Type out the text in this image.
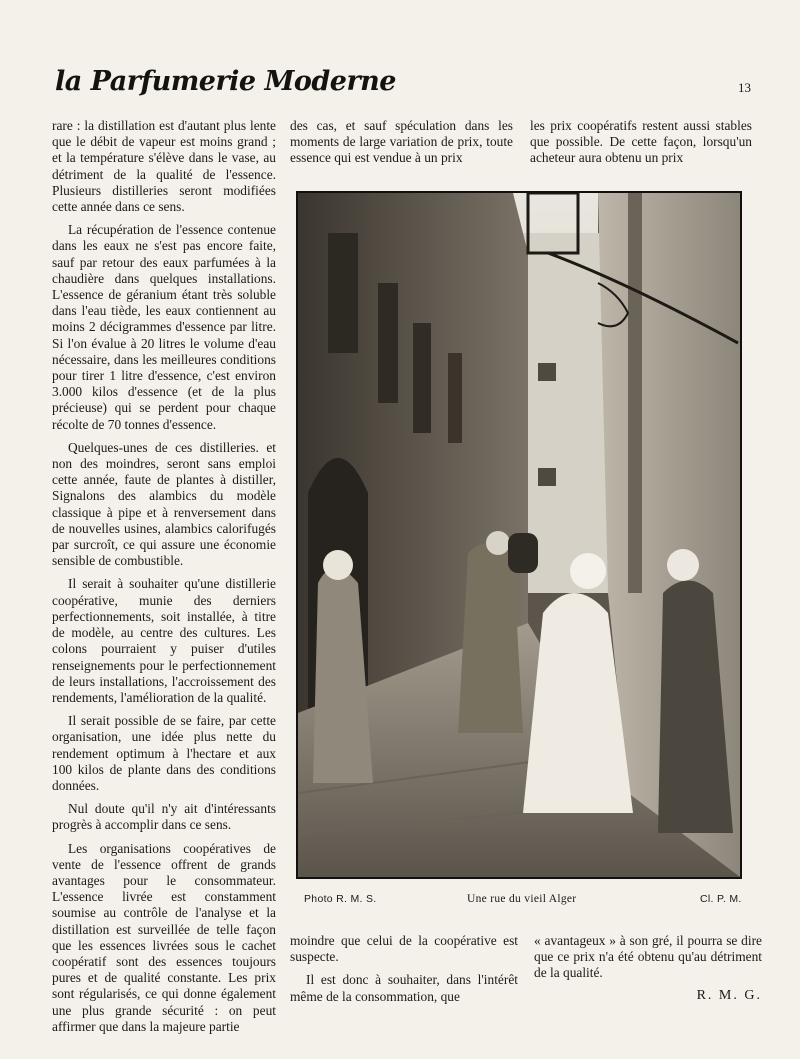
la Parfumerie Moderne	13

rare : la distillation est d'autant plus lente que le débit de vapeur est moins grand ; et la température s'élève dans le vase, au détriment de la qualité de l'essence. Plusieurs distilleries seront modifiées cette année dans ce sens.

La récupération de l'essence contenue dans les eaux ne s'est pas encore faite, sauf par retour des eaux parfumées à la chaudière dans quelques installations. L'essence de géranium étant très soluble dans l'eau tiède, les eaux contiennent au moins 2 décigrammes d'essence par litre. Si l'on évalue à 20 litres le volume d'eau nécessaire, dans les meilleures conditions pour tirer 1 litre d'essence, c'est environ 3.000 kilos d'essence (et de la plus précieuse) qui se perdent pour chaque récolte de 70 tonnes d'essence.

Quelques-unes de ces distilleries. et non des moindres, seront sans emploi cette année, faute de plantes à distiller, Signalons des alambics du modèle classique à pipe et à renversement dans de nouvelles usines, alambics calorifugés par surcroît, ce qui assure une économie sensible de combustible.

Il serait à souhaiter qu'une distillerie coopérative, munie des derniers perfectionnements, soit installée, à titre de modèle, au centre des cultures. Les colons pourraient y puiser d'utiles renseignements pour le perfectionnement de leurs installations, l'accroissement des rendements, l'amélioration de la qualité.

Il serait possible de se faire, par cette organisation, une idée plus nette du rendement optimum à l'hectare et aux 100 kilos de plante dans des conditions données.

Nul doute qu'il n'y ait d'intéressants progrès à accomplir dans ce sens.

Les organisations coopératives de vente de l'essence offrent de grands avantages pour le consommateur. L'essence livrée est constamment soumise au contrôle de l'analyse et la distillation est surveillée de telle façon que les essences livrées sous le cachet coopératif sont des essences toujours pures et de qualité constante. Les prix sont régularisés, ce qui donne également une plus grande sécurité : on peut affirmer que dans la majeure partie

des cas, et sauf spéculation dans les moments de large variation de prix, toute essence qui est vendue à un prix

les prix coopératifs restent aussi stables que possible. De cette façon, lorsqu'un acheteur aura obtenu un prix

Photo R. M. S.	Une rue du vieil Alger	Cl. P. M.

moindre que celui de la coopérative est suspecte.

Il est donc à souhaiter, dans l'intérêt même de la consommation, que

« avantageux » à son gré, il pourra se dire que ce prix n'a été obtenu qu'au détriment de la qualité.

R. M. G.
